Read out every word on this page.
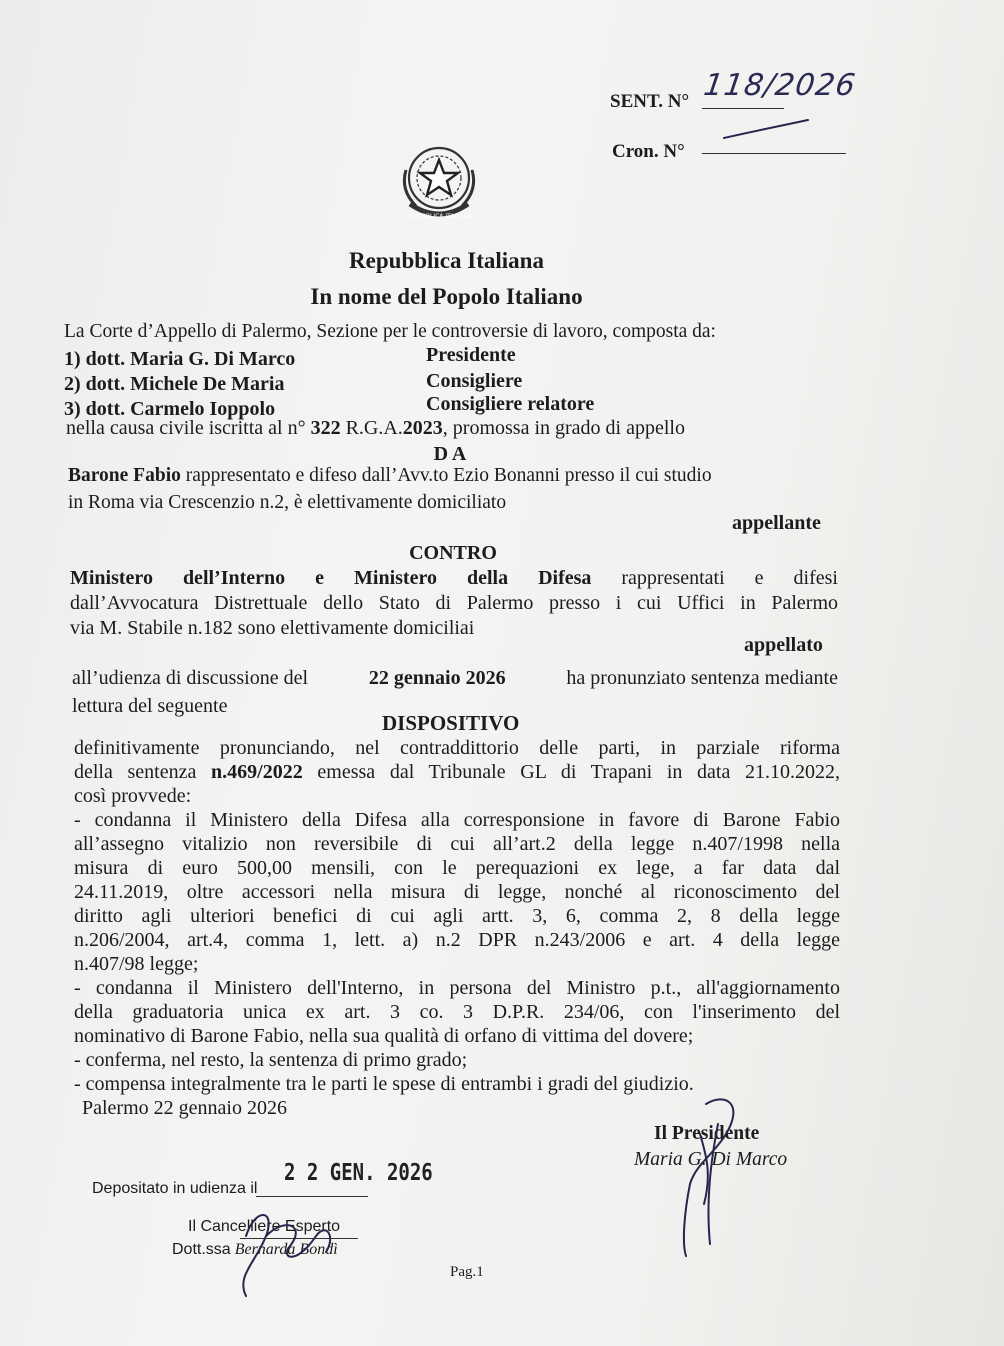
SENT. N° 118/2026
Cron. N°
REPUBBLICA ITALIANA
Repubblica Italiana
In nome del Popolo Italiano
La Corte d’Appello di Palermo, Sezione per le controversie di lavoro, composta da:
1) dott. Maria G. Di Marco	Presidente
2) dott. Michele De Maria	Consigliere
3) dott. Carmelo Ioppolo	Consigliere relatore
nella causa civile iscritta al n° 322 R.G.A.2023, promossa in grado di appello
D A
Barone Fabio rappresentato e difeso dall’Avv.to Ezio Bonanni presso il cui studio
in Roma via Crescenzio n.2, è elettivamente domiciliato
appellante
CONTRO
Ministero dell’Interno e Ministero della Difesa rappresentati e difesi
dall’Avvocatura Distrettuale dello Stato di Palermo presso i cui Uffici in Palermo
via M. Stabile n.182 sono elettivamente domiciliai
appellato
all’udienza di discussione del	22 gennaio 2026	ha pronunziato sentenza mediante
lettura del seguente
DISPOSITIVO
definitivamente pronunciando, nel contraddittorio delle parti, in parziale riforma
della sentenza n.469/2022 emessa dal Tribunale GL di Trapani in data 21.10.2022,
così provvede:
- condanna il Ministero della Difesa alla corresponsione in favore di Barone Fabio
all’assegno vitalizio non reversibile di cui all’art.2 della legge n.407/1998 nella
misura di euro 500,00 mensili, con le perequazioni ex lege, a far data dal
24.11.2019, oltre accessori nella misura di legge, nonché al riconoscimento del
diritto agli ulteriori benefici di cui agli artt. 3, 6, comma 2, 8 della legge
n.206/2004, art.4, comma 1, lett. a) n.2 DPR n.243/2006 e art. 4 della legge
n.407/98 legge;
- condanna il Ministero dell'Interno, in persona del Ministro p.t., all'aggiornamento
della graduatoria unica ex art. 3 co. 3 D.P.R. 234/06, con l'inserimento del
nominativo di Barone Fabio, nella sua qualità di orfano di vittima del dovere;
- conferma, nel resto, la sentenza di primo grado;
- compensa integralmente tra le parti le spese di entrambi i gradi del giudizio.
Palermo 22 gennaio 2026
Il Presidente
Maria G. Di Marco
Depositato in udienza il
2 2 GEN. 2026
Il Cancelliere Esperto
Dott.ssa Bernarda Bondì
Pag.1
